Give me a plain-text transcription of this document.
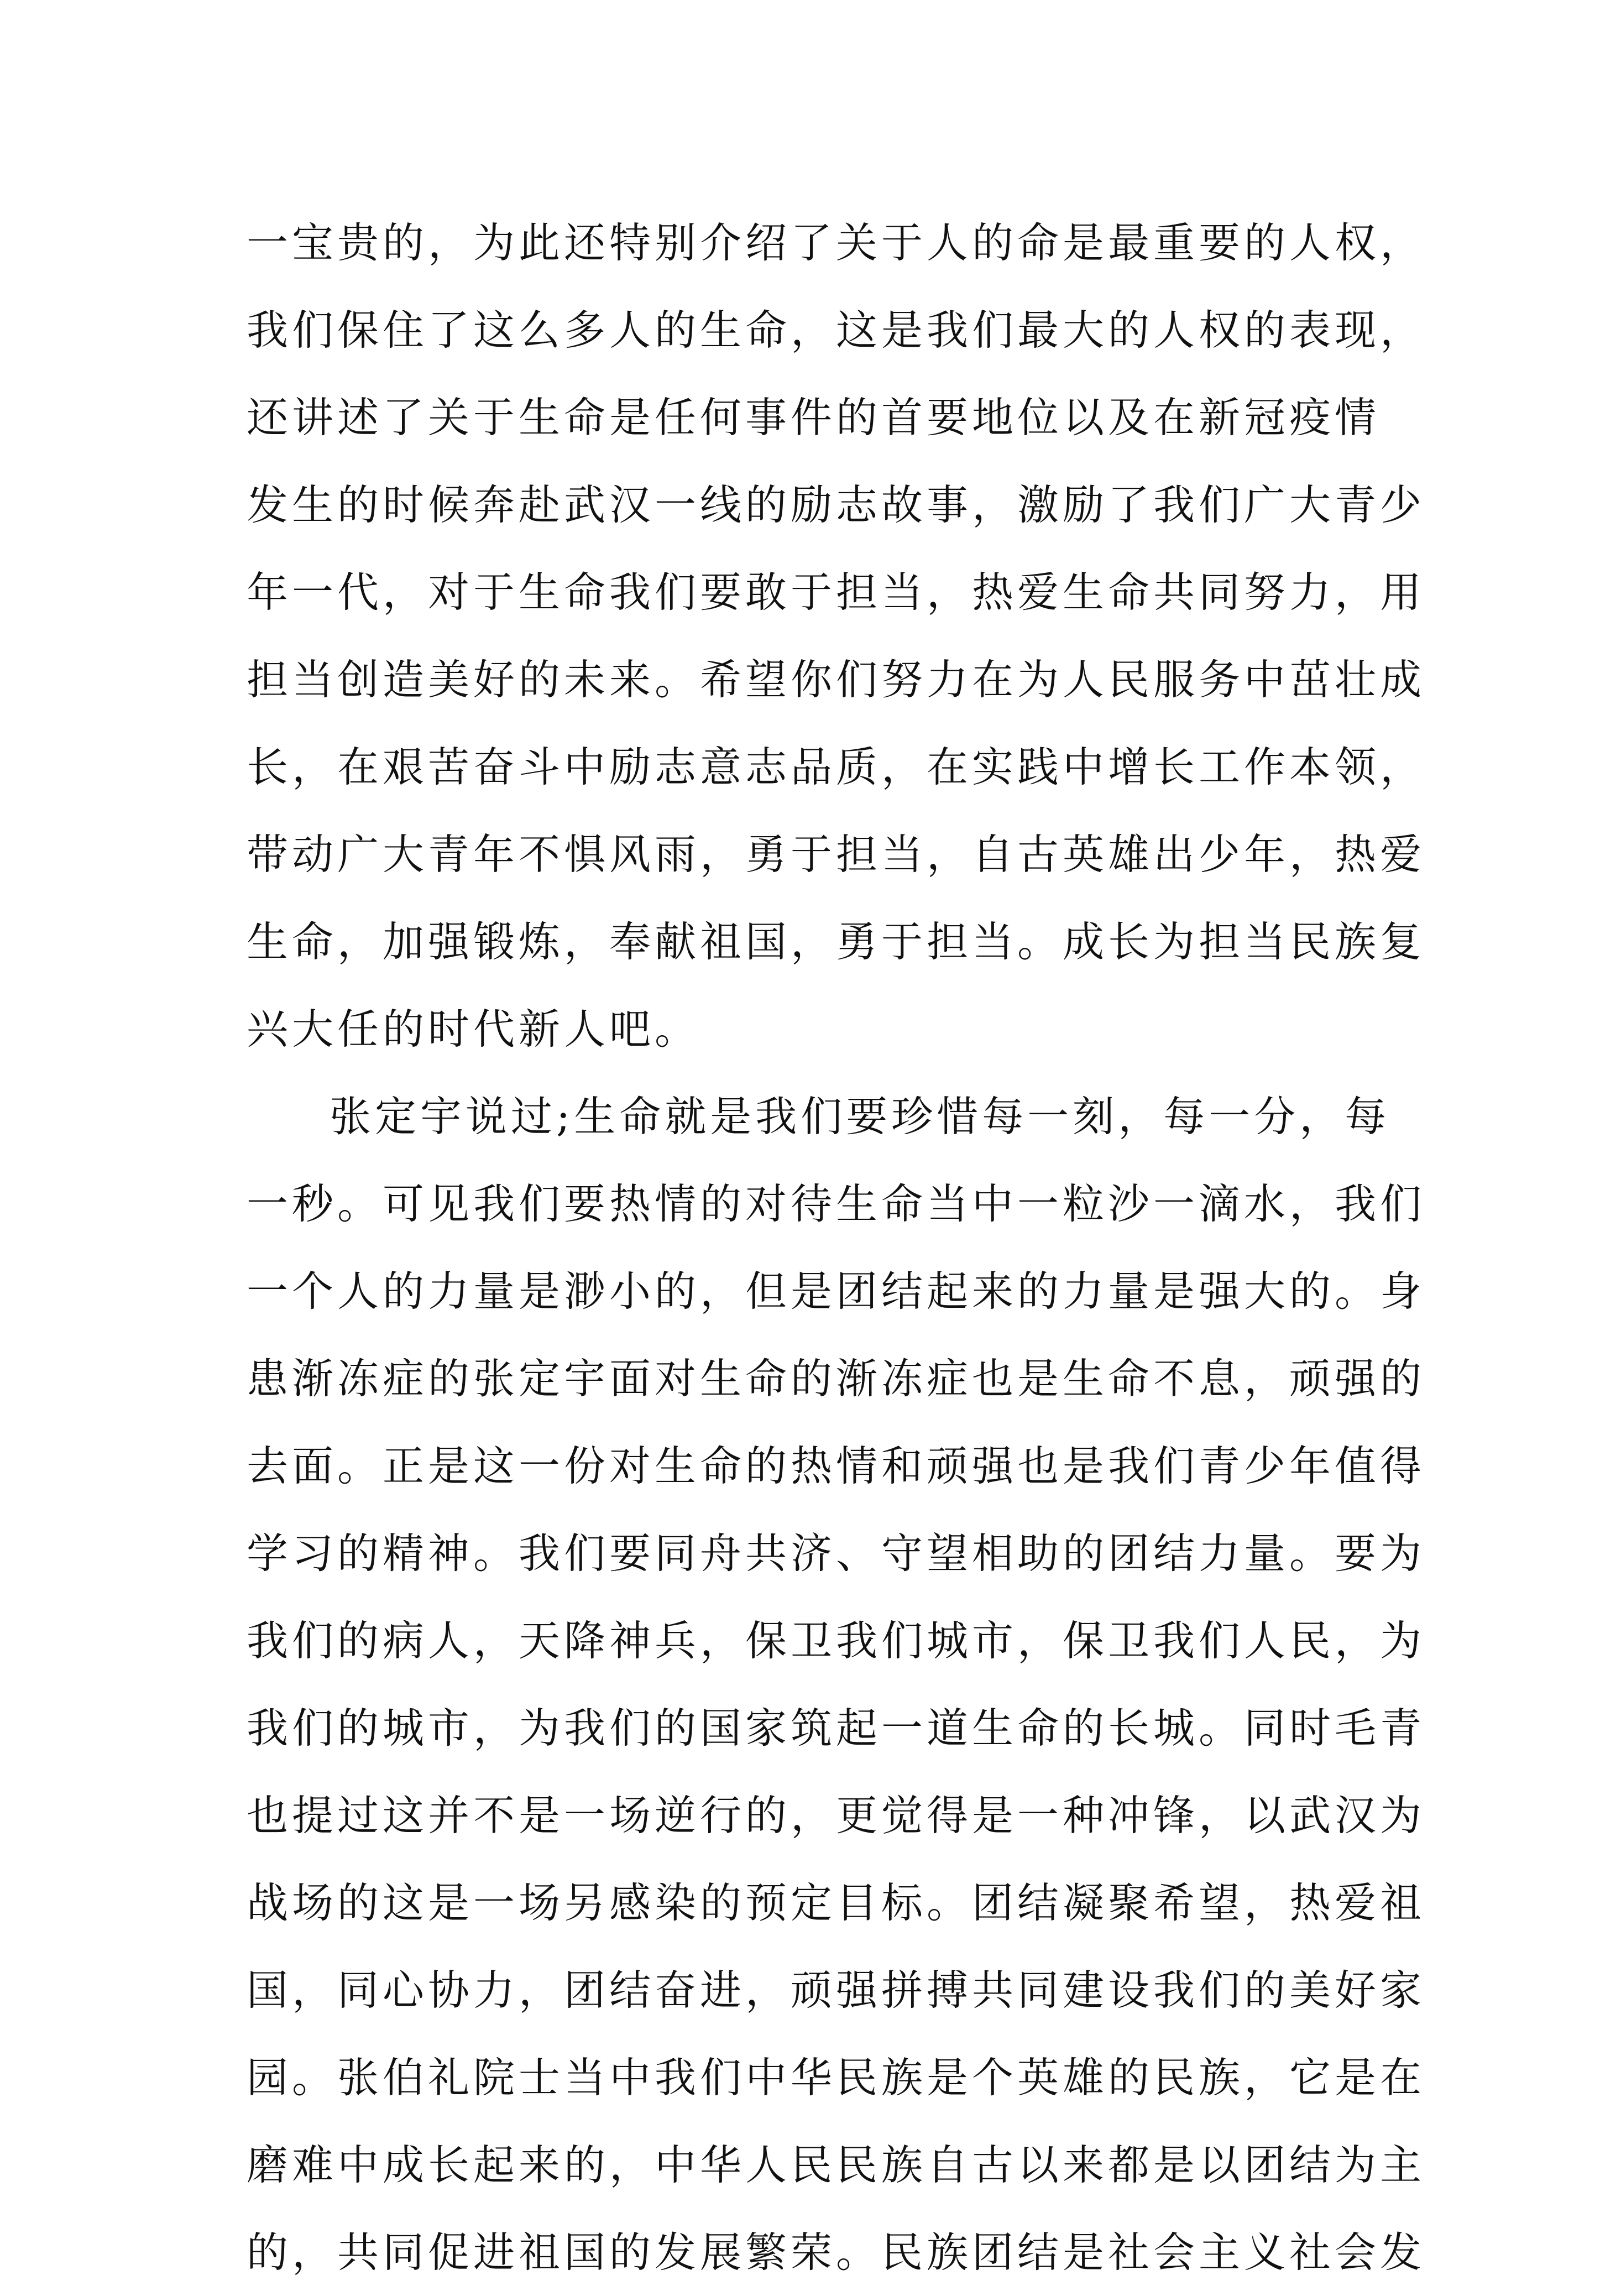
一宝贵的，为此还特别介绍了关于人的命是最重要的人权，
我们保住了这么多人的生命，这是我们最大的人权的表现，
还讲述了关于生命是任何事件的首要地位以及在新冠疫情
发生的时候奔赴武汉一线的励志故事，激励了我们广大青少
年一代，对于生命我们要敢于担当，热爱生命共同努力，用
担当创造美好的未来。希望你们努力在为人民服务中茁壮成
长，在艰苦奋斗中励志意志品质，在实践中增长工作本领，
带动广大青年不惧风雨，勇于担当，自古英雄出少年，热爱
生命，加强锻炼，奉献祖国，勇于担当。成长为担当民族复
兴大任的时代新人吧。
张定宇说过;生命就是我们要珍惜每一刻，每一分，每
一秒。可见我们要热情的对待生命当中一粒沙一滴水，我们
一个人的力量是渺小的，但是团结起来的力量是强大的。身
患渐冻症的张定宇面对生命的渐冻症也是生命不息，顽强的
去面。正是这一份对生命的热情和顽强也是我们青少年值得
学习的精神。我们要同舟共济、守望相助的团结力量。要为
我们的病人，天降神兵，保卫我们城市，保卫我们人民，为
我们的城市，为我们的国家筑起一道生命的长城。同时毛青
也提过这并不是一场逆行的，更觉得是一种冲锋，以武汉为
战场的这是一场另感染的预定目标。团结凝聚希望，热爱祖
国，同心协力，团结奋进，顽强拼搏共同建设我们的美好家
园。张伯礼院士当中我们中华民族是个英雄的民族，它是在
磨难中成长起来的，中华人民民族自古以来都是以团结为主
的，共同促进祖国的发展繁荣。民族团结是社会主义社会发
